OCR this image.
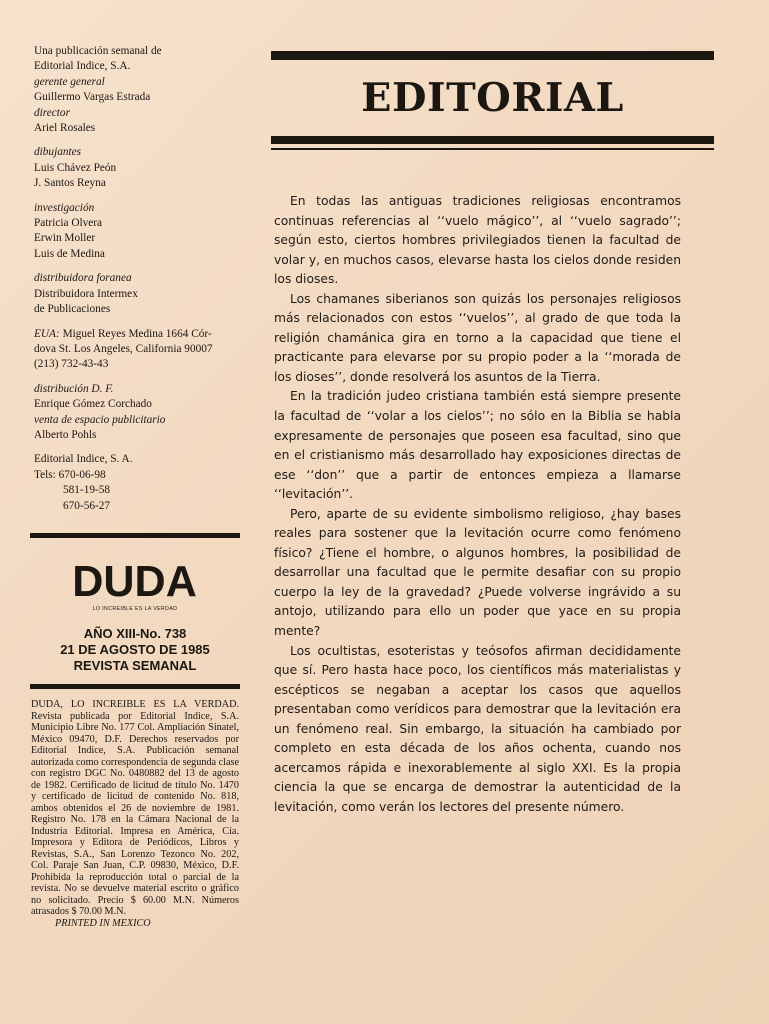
Una publicación semanal de
Editorial Indice, S.A.
gerente general
Guillermo Vargas Estrada
director
Ariel Rosales
dibujantes
Luis Chávez Peón
J. Santos Reyna
investigación
Patricia Olvera
Erwin Moller
Luis de Medina
distribuidora foranea
Distribuidora Intermex
de Publicaciones
EUA: Miguel Reyes Medina 1664 Cór-
dova St. Los Angeles, California 90007
(213) 732-43-43
distribución D. F.
Enrique Gómez Corchado
venta de espacio publicitario
Alberto Pohls
Editorial Indice, S. A.
Tels: 670-06-98
581-19-58
670-56-27
DUDA
LO INCREIBLE ES LA VERDAD
AÑO XIII-No. 738
21 DE AGOSTO DE 1985
REVISTA SEMANAL
DUDA, LO INCREIBLE ES LA VERDAD. Revista publicada por Editorial Indice, S.A. Municipio Libre No. 177 Col. Ampliación Sinatel, México 09470, D.F. Derechos reservados por Editorial Indice, S.A. Publicación semanal autorizada como correspondencia de segunda clase con registro DGC No. 0480882 del 13 de agosto de 1982. Certificado de licitud de título No. 1470 y certificado de licitud de contenido No. 818, ambos obtenidos el 26 de noviembre de 1981. Registro No. 178 en la Cámara Nacional de la Industria Editorial. Impresa en América, Cía. Impresora y Editora de Periódicos, Libros y Revistas, S.A., San Lorenzo Tezonco No. 202, Col. Paraje San Juan, C.P. 09830, México, D.F. Prohibida la reproducción total o parcial de la revista. No se devuelve material escrito o gráfico no solicitado. Precio $ 60.00 M.N. Números atrasados $ 70.00 M.N.
PRINTED IN MEXICO
EDITORIAL

En todas las antiguas tradiciones religiosas encontramos continuas referencias al ‘‘vuelo mágico’’, al ‘‘vuelo sagrado’’; según esto, ciertos hombres privilegiados tienen la facultad de volar y, en muchos casos, elevarse hasta los cielos donde residen los dioses.

Los chamanes siberianos son quizás los personajes religiosos más relacionados con estos ‘‘vuelos’’, al grado de que toda la religión chamánica gira en torno a la capacidad que tiene el practicante para elevarse por su propio poder a la ‘‘morada de los dioses’’, donde resolverá los asuntos de la Tierra.

En la tradición judeo cristiana también está siempre presente la facultad de ‘‘volar a los cielos’’; no sólo en la Biblia se habla expresamente de personajes que poseen esa facultad, sino que en el cristianismo más desarrollado hay exposiciones directas de ese ‘‘don’’ que a partir de entonces empieza a llamarse ‘‘levitación’’.

Pero, aparte de su evidente simbolismo religioso, ¿hay bases reales para sostener que la levitación ocurre como fenómeno físico? ¿Tiene el hombre, o algunos hombres, la posibilidad de desarrollar una facultad que le permite desafiar con su propio cuerpo la ley de la gravedad? ¿Puede volverse ingrávido a su antojo, utilizando para ello un poder que yace en su propia mente?

Los ocultistas, esoteristas y teósofos afirman decididamente que sí. Pero hasta hace poco, los científicos más materialistas y escépticos se negaban a aceptar los casos que aquellos presentaban como verídicos para demostrar que la levitación era un fenómeno real. Sin embargo, la situación ha cambiado por completo en esta década de los años ochenta, cuando nos acercamos rápida e inexorablemente al siglo XXI. Es la propia ciencia la que se encarga de demostrar la autenticidad de la levitación, como verán los lectores del presente número.
